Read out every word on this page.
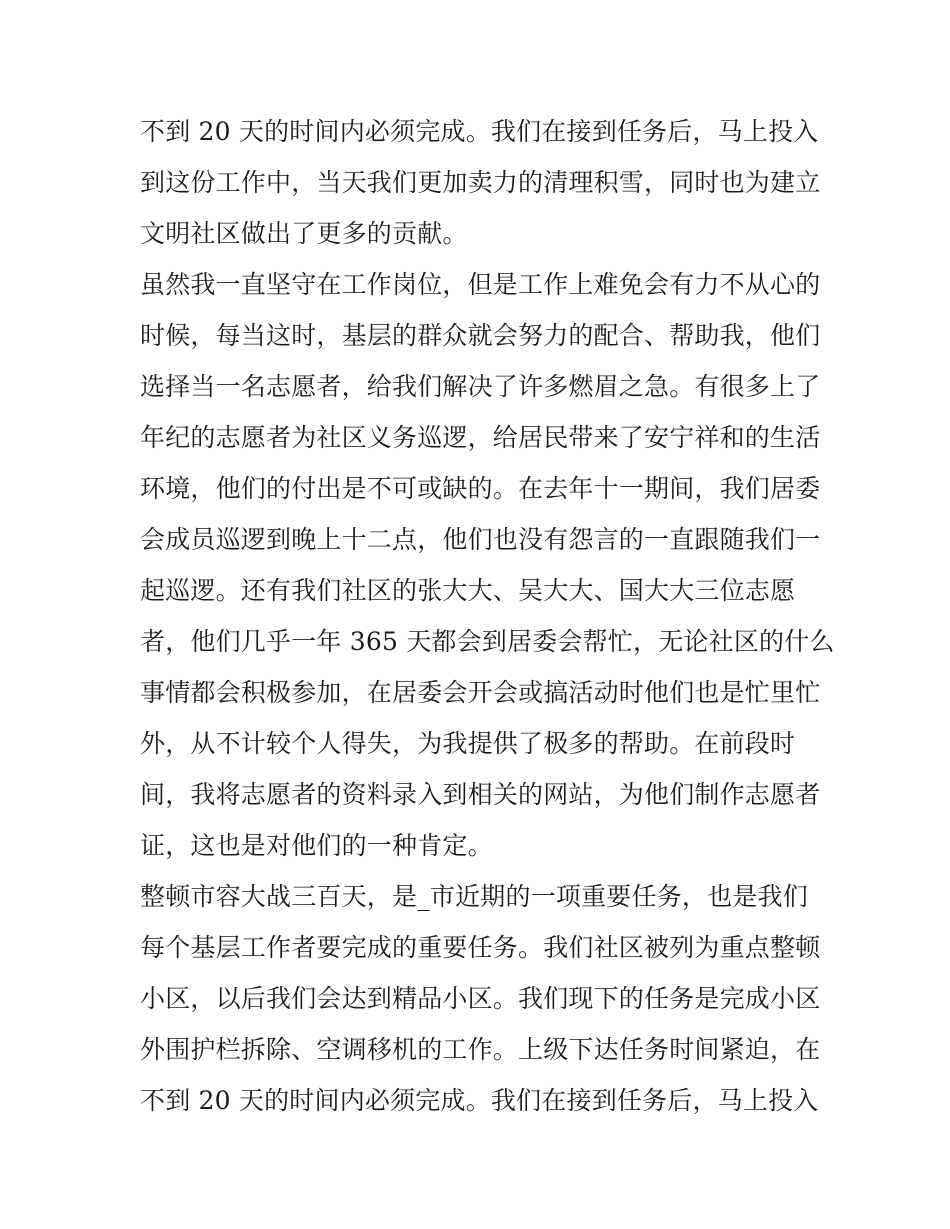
不到 20 天的时间内必须完成。我们在接到任务后，马上投入
到这份工作中，当天我们更加卖力的清理积雪，同时也为建立
文明社区做出了更多的贡献。
虽然我一直坚守在工作岗位，但是工作上难免会有力不从心的
时候，每当这时，基层的群众就会努力的配合、帮助我，他们
选择当一名志愿者，给我们解决了许多燃眉之急。有很多上了
年纪的志愿者为社区义务巡逻，给居民带来了安宁祥和的生活
环境，他们的付出是不可或缺的。在去年十一期间，我们居委
会成员巡逻到晚上十二点，他们也没有怨言的一直跟随我们一
起巡逻。还有我们社区的张大大、吴大大、国大大三位志愿
者，他们几乎一年 365 天都会到居委会帮忙，无论社区的什么
事情都会积极参加，在居委会开会或搞活动时他们也是忙里忙
外，从不计较个人得失，为我提供了极多的帮助。在前段时
间，我将志愿者的资料录入到相关的网站，为他们制作志愿者
证，这也是对他们的一种肯定。
整顿市容大战三百天，是_市近期的一项重要任务，也是我们
每个基层工作者要完成的重要任务。我们社区被列为重点整顿
小区，以后我们会达到精品小区。我们现下的任务是完成小区
外围护栏拆除、空调移机的工作。上级下达任务时间紧迫，在
不到 20 天的时间内必须完成。我们在接到任务后，马上投入
